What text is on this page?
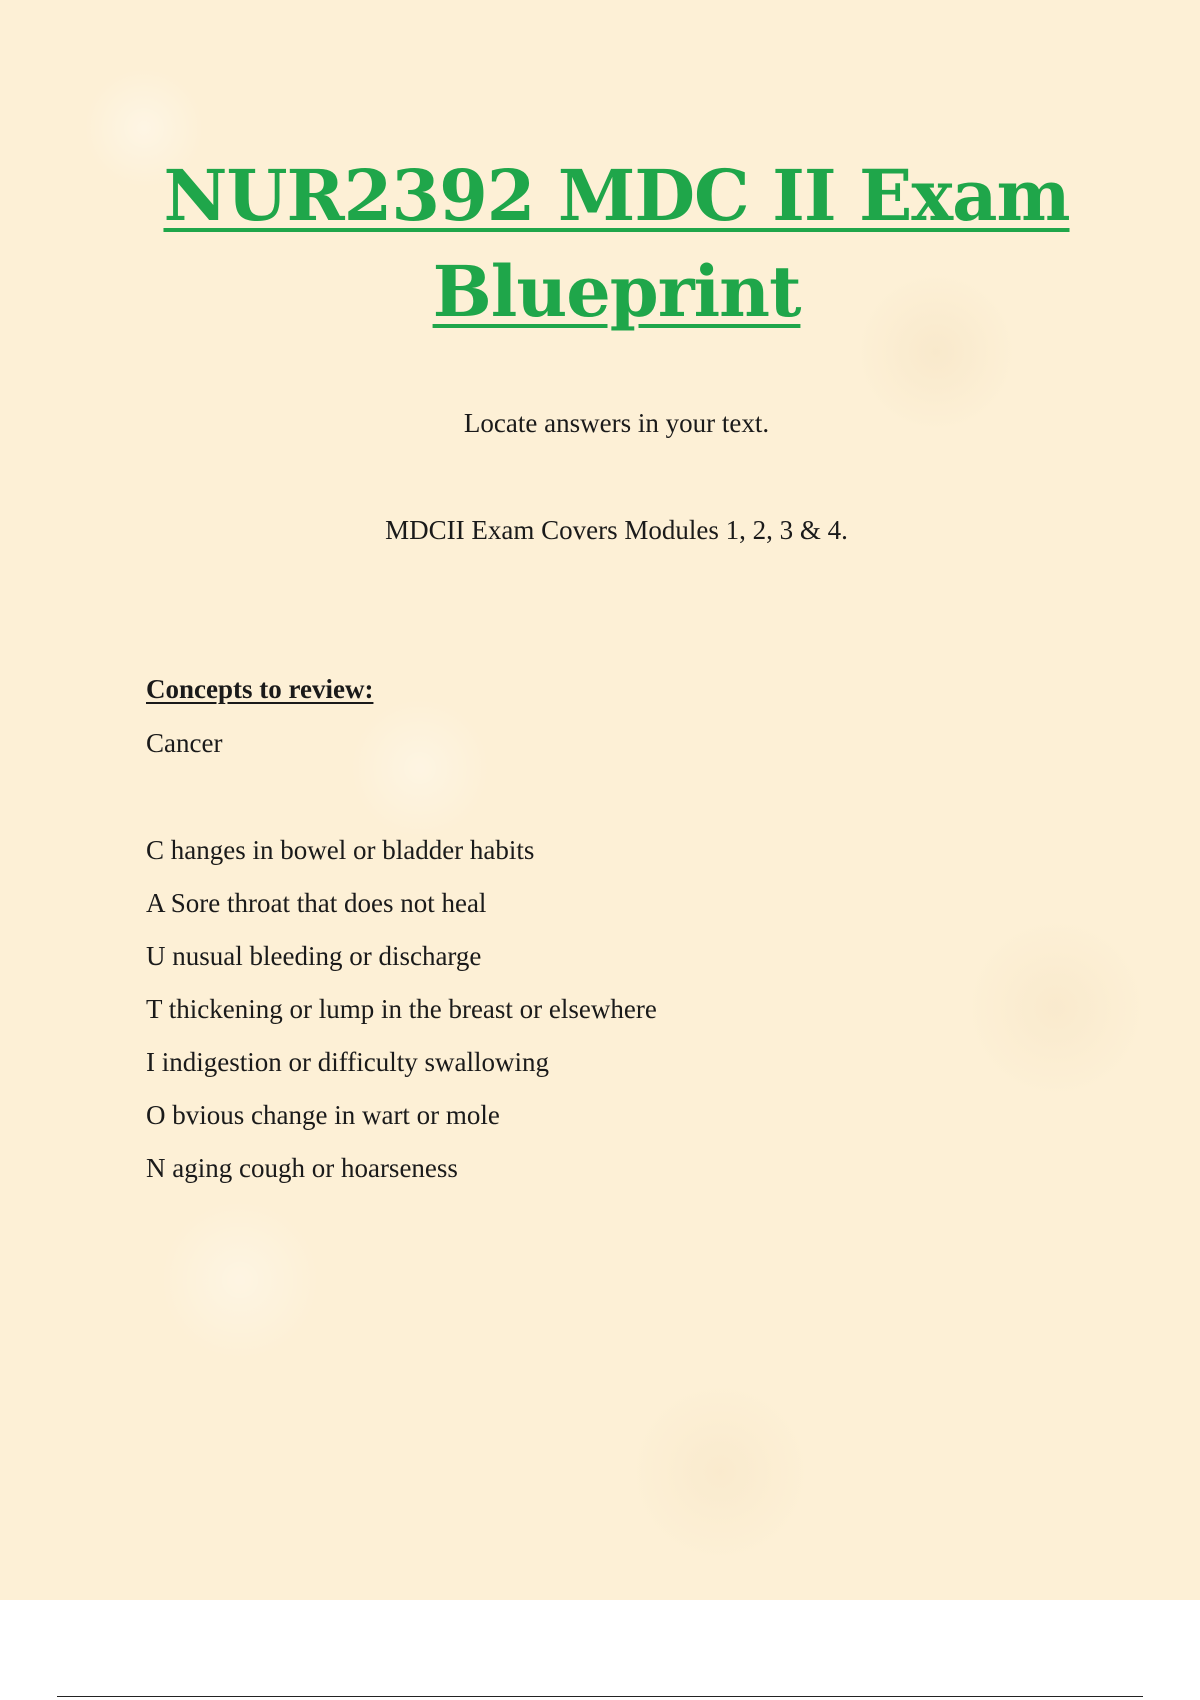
NUR2392 MDC II Exam Blueprint

Locate answers in your text.

MDCII Exam Covers Modules 1, 2, 3 & 4.

Concepts to review:

Cancer

C hanges in bowel or bladder habits
A Sore throat that does not heal
U nusual bleeding or discharge
T thickening or lump in the breast or elsewhere
I indigestion or difficulty swallowing
O bvious change in wart or mole
N aging cough or hoarseness
